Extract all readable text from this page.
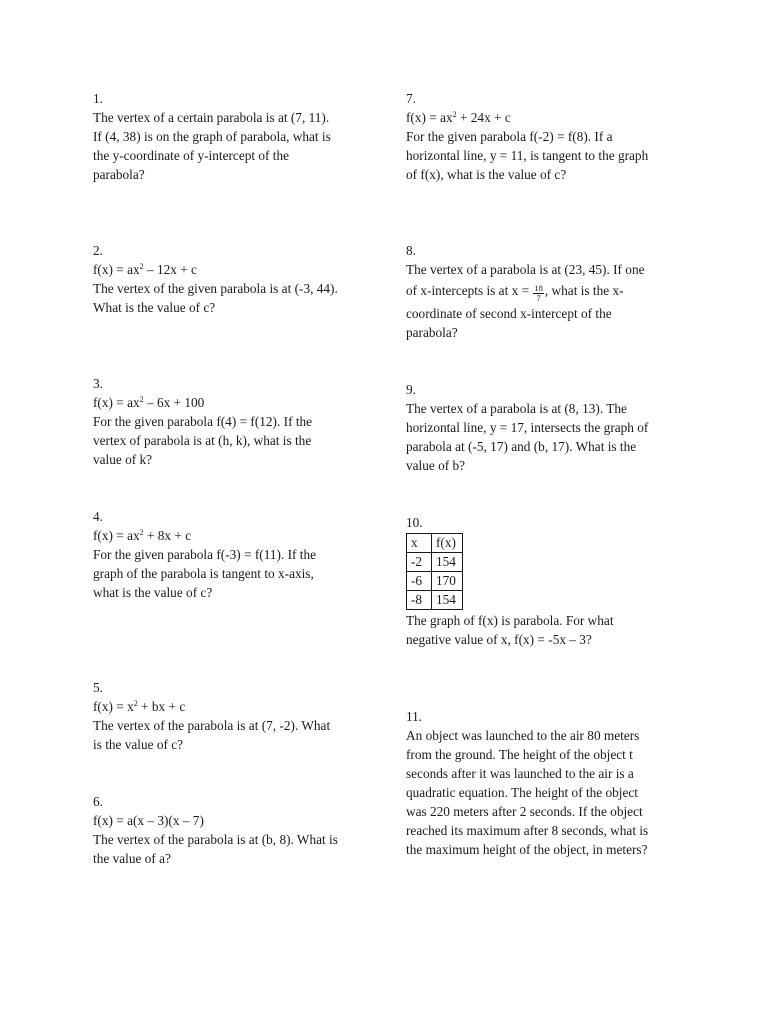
1.

The vertex of a certain parabola is at (7, 11).

If (4, 38) is on the graph of parabola, what is

the y-coordinate of y-intercept of the

parabola?

2.

$f(x) = ax^2 - 12x + c$

The vertex of the given parabola is at (-3, 44).

What is the value of c?

3.

$f(x) = ax^2 - 6x + 100$

For the given parabola f(4) = f(12). If the

vertex of parabola is at (h, k), what is the

value of k?

4.

$f(x) = ax^2 + 8x + c$

For the given parabola f(-3) = f(11). If the

graph of the parabola is tangent to x-axis,

what is the value of c?

5.

$f(x) = x^2$ + bx + c

The vertex of the parabola is at (7, -2). What

is the value of c?

6.

f(x) = a(x – 3)(x – 7)

The vertex of the parabola is at (b, 8). What is

the value of a?

7.

$f(x) = ax^2 + 24x + c$

For the given parabola f(-2) = f(8). If a

horizontal line, y = 11, is tangent to the graph

of f(x), what is the value of c?

8.

The vertex of a parabola is at (23, 45). If one

of x-intercepts is at $x = \frac{18}{7}$ , what is the x-

coordinate of second x-intercept of the

parabola?

9.

The vertex of a parabola is at (8, 13). The

horizontal line, y = 17, intersects the graph of

parabola at (-5, 17) and (b, 17). What is the

value of b?

10.

x	f(x)
-2	154
-6	170
-8	154

The graph of f(x) is parabola. For what

negative value of x, f(x) = -5x – 3?

11.

An object was launched to the air 80 meters

from the ground. The height of the object t

seconds after it was launched to the air is a

quadratic equation. The height of the object

was 220 meters after 2 seconds. If the object

reached its maximum after 8 seconds, what is

the maximum height of the object, in meters?
